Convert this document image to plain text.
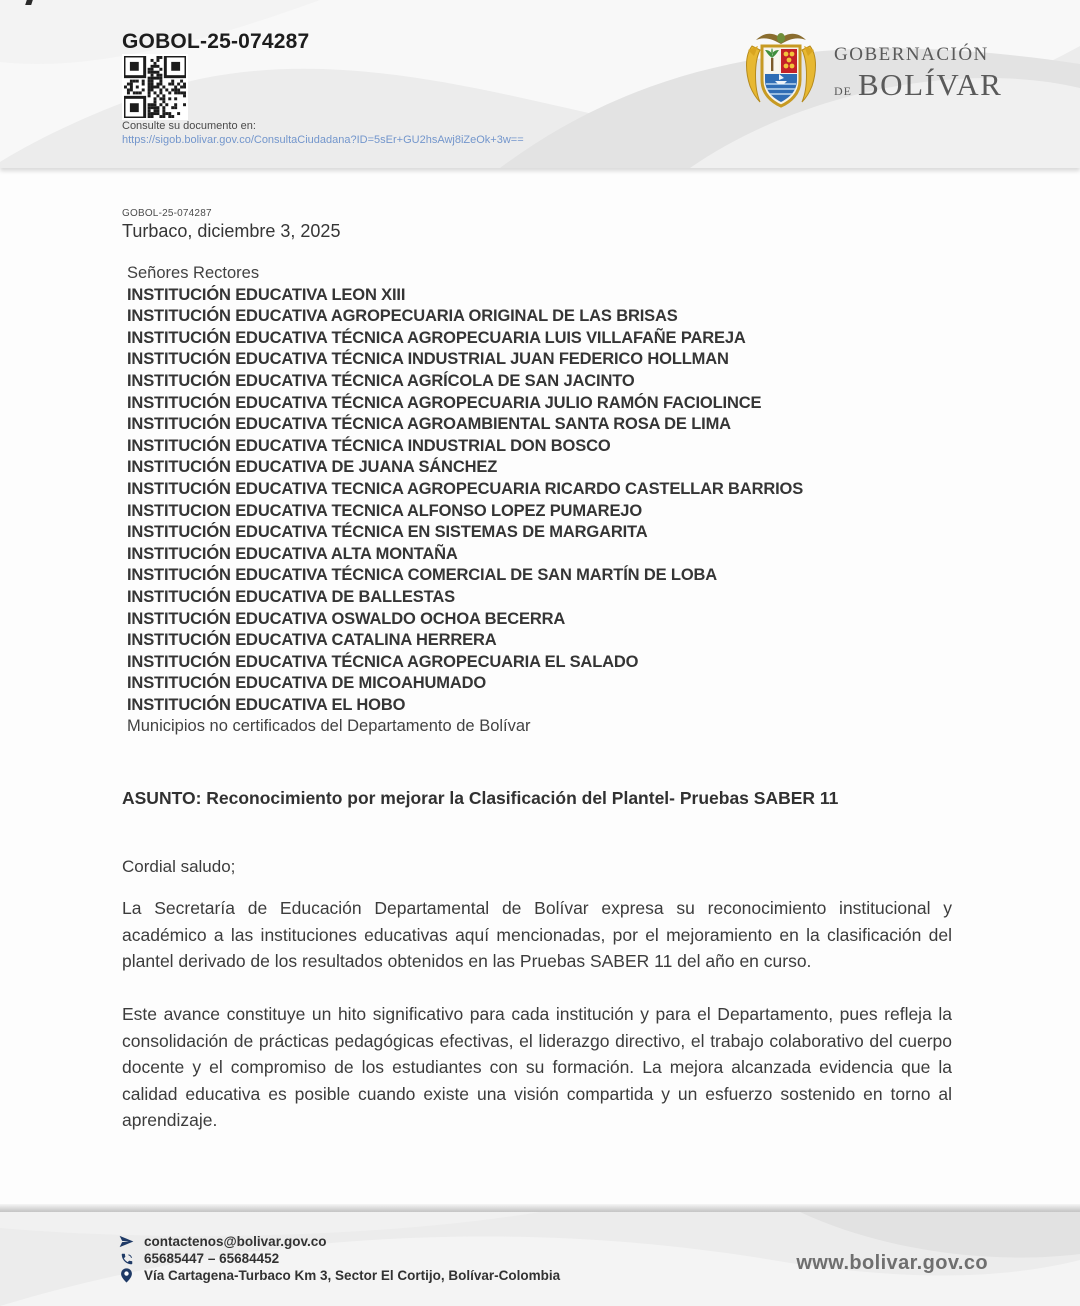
GOBOL-25-074287
Consulte su documento en:
https://sigob.bolivar.gov.co/ConsultaCiudadana?ID=5sEr+GU2hsAwj8iZeOk+3w==
GOBERNACIÓN
DE BOLÍVAR
GOBOL-25-074287
Turbaco, diciembre 3, 2025
Señores Rectores
INSTITUCIÓN EDUCATIVA LEON XIII
INSTITUCIÓN EDUCATIVA AGROPECUARIA ORIGINAL DE LAS BRISAS
INSTITUCIÓN EDUCATIVA TÉCNICA AGROPECUARIA LUIS VILLAFAÑE PAREJA
INSTITUCIÓN EDUCATIVA TÉCNICA INDUSTRIAL JUAN FEDERICO HOLLMAN
INSTITUCIÓN EDUCATIVA TÉCNICA AGRÍCOLA DE SAN JACINTO
INSTITUCIÓN EDUCATIVA TÉCNICA AGROPECUARIA JULIO RAMÓN FACIOLINCE
INSTITUCIÓN EDUCATIVA TÉCNICA AGROAMBIENTAL SANTA ROSA DE LIMA
INSTITUCIÓN EDUCATIVA TÉCNICA INDUSTRIAL DON BOSCO
INSTITUCIÓN EDUCATIVA DE JUANA SÁNCHEZ
INSTITUCIÓN EDUCATIVA TECNICA AGROPECUARIA RICARDO CASTELLAR BARRIOS
INSTITUCION EDUCATIVA TECNICA ALFONSO LOPEZ PUMAREJO
INSTITUCIÓN EDUCATIVA TÉCNICA EN SISTEMAS DE MARGARITA
INSTITUCIÓN EDUCATIVA ALTA MONTAÑA
INSTITUCIÓN EDUCATIVA TÉCNICA COMERCIAL DE SAN MARTÍN DE LOBA
INSTITUCIÓN EDUCATIVA DE BALLESTAS
INSTITUCIÓN EDUCATIVA OSWALDO OCHOA BECERRA
INSTITUCIÓN EDUCATIVA CATALINA HERRERA
INSTITUCIÓN EDUCATIVA TÉCNICA AGROPECUARIA EL SALADO
INSTITUCIÓN EDUCATIVA DE MICOAHUMADO
INSTITUCIÓN EDUCATIVA EL HOBO
Municipios no certificados del Departamento de Bolívar
ASUNTO: Reconocimiento por mejorar la Clasificación del Plantel- Pruebas SABER 11
Cordial saludo;
La Secretaría de Educación Departamental de Bolívar expresa su reconocimiento institucional y académico a las instituciones educativas aquí mencionadas, por el mejoramiento en la clasificación del plantel derivado de los resultados obtenidos en las Pruebas SABER 11 del año en curso.
Este avance constituye un hito significativo para cada institución y para el Departamento, pues refleja la consolidación de prácticas pedagógicas efectivas, el liderazgo directivo, el trabajo colaborativo del cuerpo docente y el compromiso de los estudiantes con su formación. La mejora alcanzada evidencia que la calidad educativa es posible cuando existe una visión compartida y un esfuerzo sostenido en torno al aprendizaje.
contactenos@bolivar.gov.co
65685447 – 65684452
Vía Cartagena-Turbaco Km 3, Sector El Cortijo, Bolívar-Colombia
www.bolivar.gov.co
